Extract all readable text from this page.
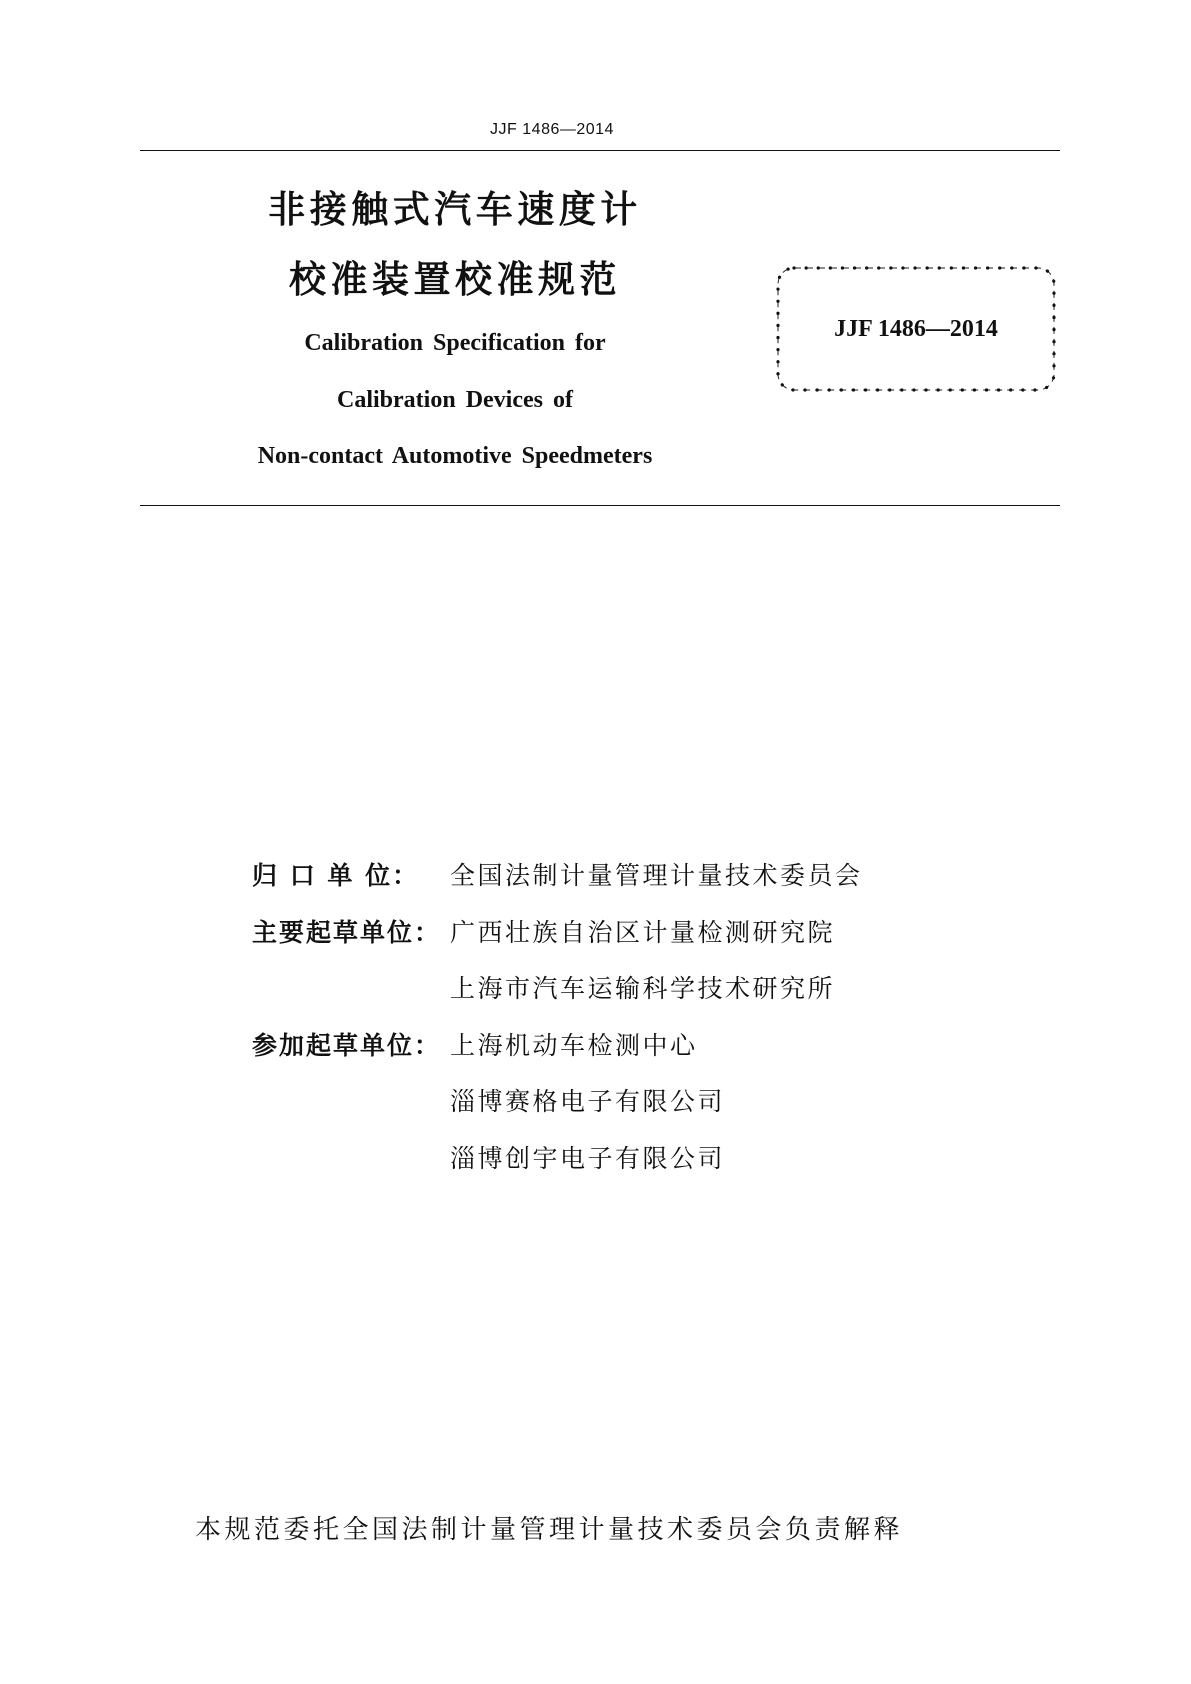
JJF 1486—2014
非接触式汽车速度计
校准装置校准规范
Calibration Specification for
Calibration Devices of
Non-contact Automotive Speedmeters
JJF 1486—2014
归 口 单 位： 全国法制计量管理计量技术委员会
主要起草单位： 广西壮族自治区计量检测研究院
上海市汽车运输科学技术研究所
参加起草单位： 上海机动车检测中心
淄博赛格电子有限公司
淄博创宇电子有限公司
本规范委托全国法制计量管理计量技术委员会负责解释
